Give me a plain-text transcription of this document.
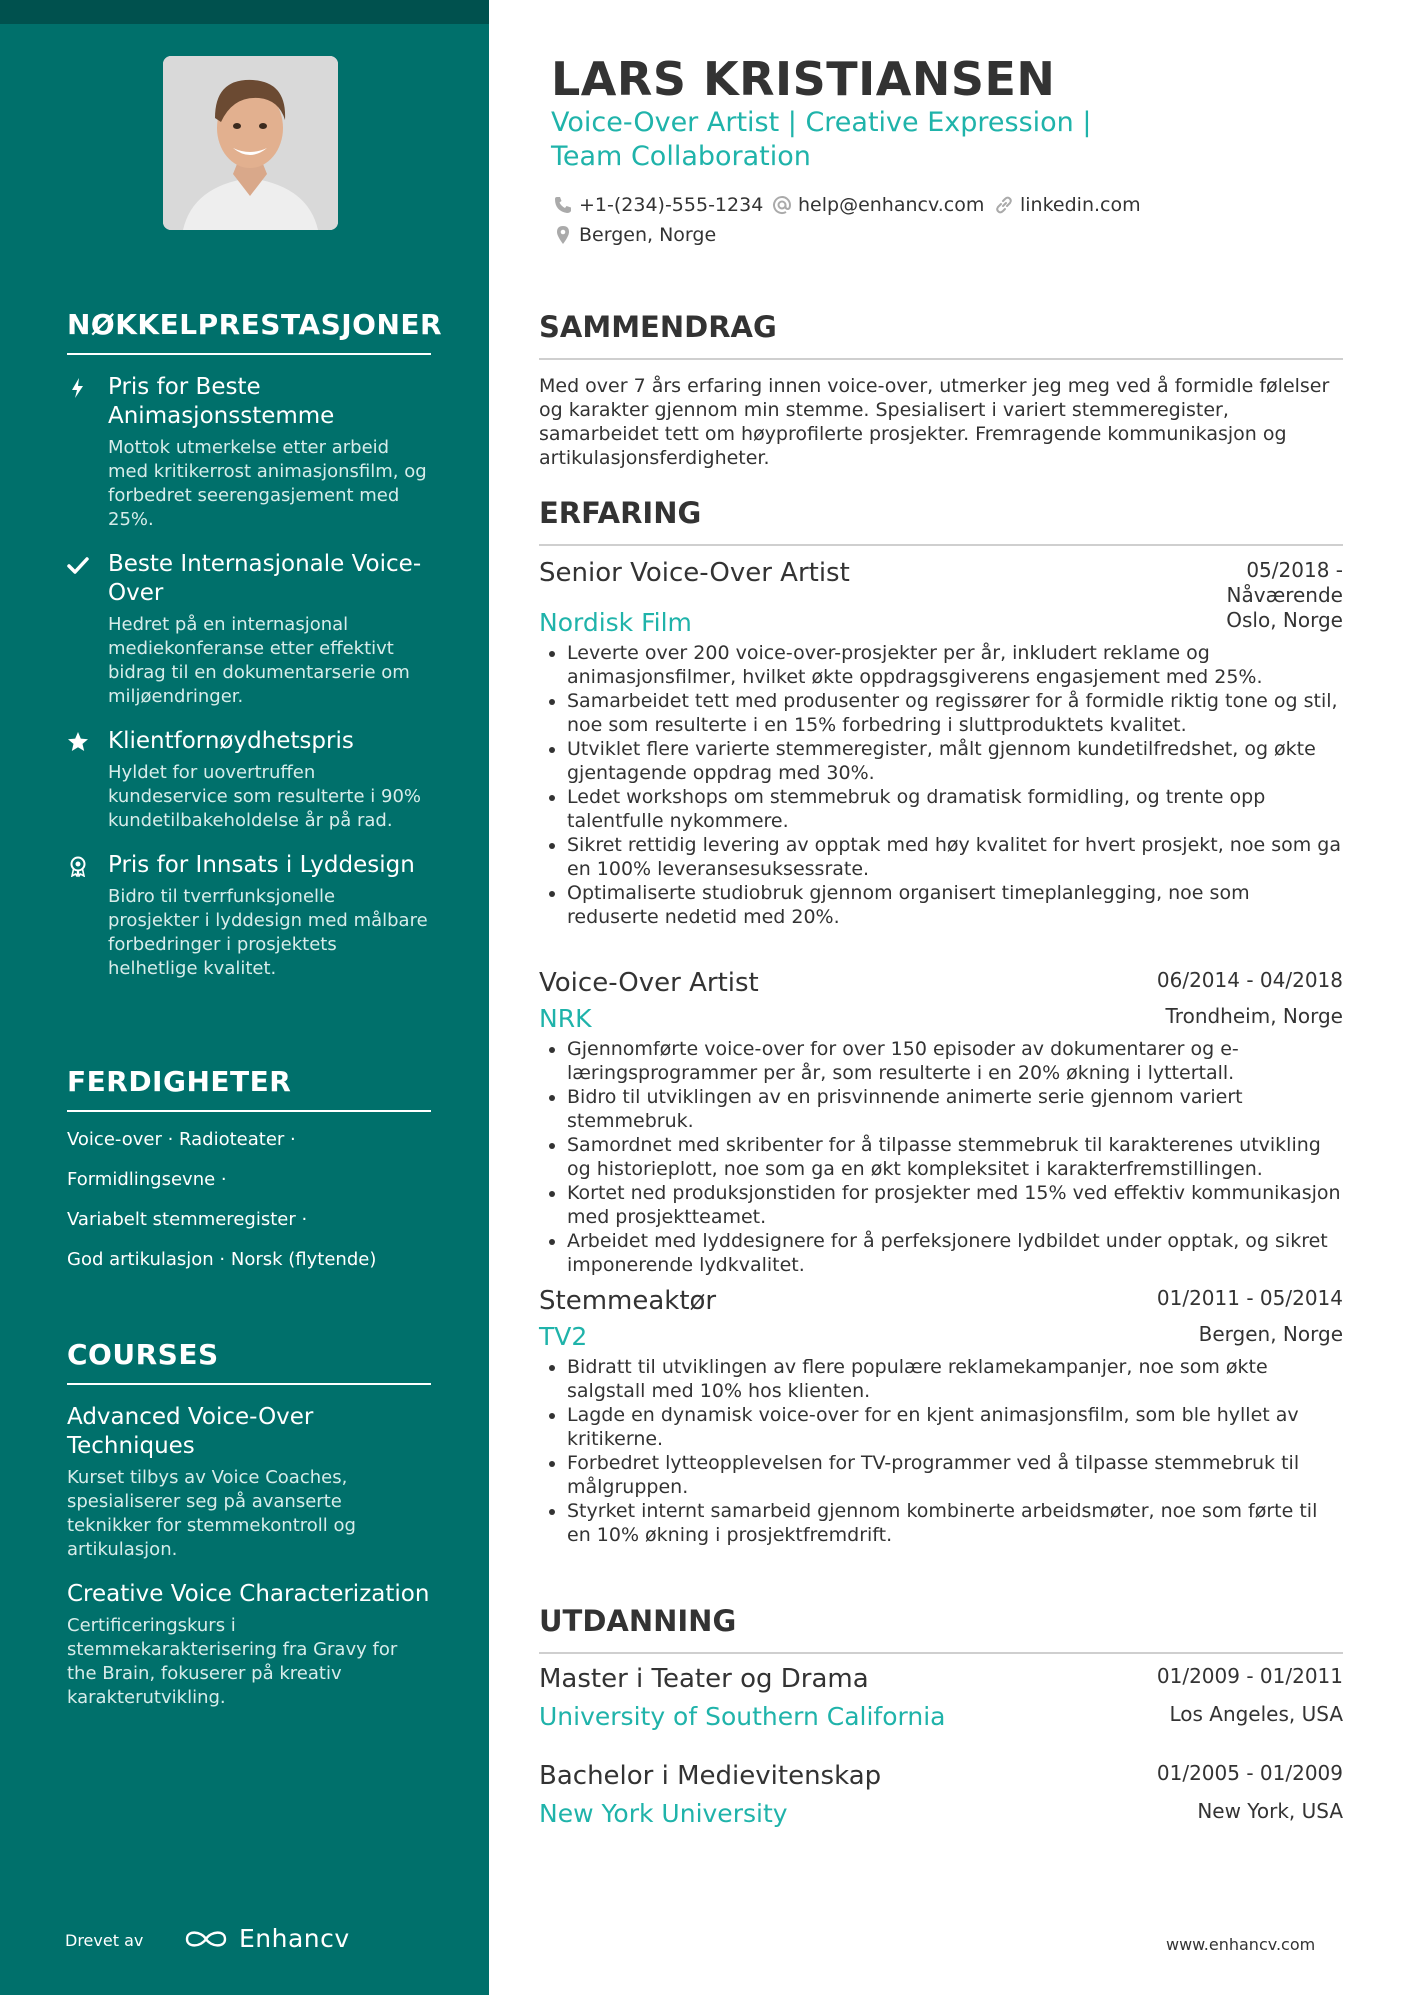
NØKKELPRESTASJONER
Pris for Beste Animasjonsstemme
Mottok utmerkelse etter arbeid med kritikerrost animasjonsfilm, og forbedret seerengasjement med 25%.
Beste Internasjonale Voice-Over
Hedret på en internasjonal mediekonferanse etter effektivt bidrag til en dokumentarserie om miljøendringer.
Klientfornøydhetspris
Hyldet for uovertruffen kundeservice som resulterte i 90% kundetilbakeholdelse år på rad.
Pris for Innsats i Lyddesign
Bidro til tverrfunksjonelle prosjekter i lyddesign med målbare forbedringer i prosjektets helhetlige kvalitet.
FERDIGHETER
Voice-over · Radioteater ·
Formidlingsevne ·
Variabelt stemmeregister ·
God artikulasjon · Norsk (flytende)
COURSES
Advanced Voice-Over Techniques
Kurset tilbys av Voice Coaches, spesialiserer seg på avanserte teknikker for stemmekontroll og artikulasjon.
Creative Voice Characterization
Certificeringskurs i stemmekarakterisering fra Gravy for the Brain, fokuserer på kreativ karakterutvikling.
Drevet av	Enhancv
LARS KRISTIANSEN
Voice-Over Artist | Creative Expression | Team Collaboration
+1-(234)-555-1234 help@enhancv.com linkedin.com
Bergen, Norge
SAMMENDRAG
Med over 7 års erfaring innen voice-over, utmerker jeg meg ved å formidle følelser og karakter gjennom min stemme. Spesialisert i variert stemmeregister, samarbeidet tett om høyprofilerte prosjekter. Fremragende kommunikasjon og artikulasjonsferdigheter.
ERFARING
Senior Voice-Over Artist	05/2018 -
Nåværende
Nordisk Film	Oslo, Norge
• Leverte over 200 voice-over-prosjekter per år, inkludert reklame og animasjonsfilmer, hvilket økte oppdragsgiverens engasjement med 25%.
• Samarbeidet tett med produsenter og regissører for å formidle riktig tone og stil, noe som resulterte i en 15% forbedring i sluttproduktets kvalitet.
• Utviklet flere varierte stemmeregister, målt gjennom kundetilfredshet, og økte gjentagende oppdrag med 30%.
• Ledet workshops om stemmebruk og dramatisk formidling, og trente opp talentfulle nykommere.
• Sikret rettidig levering av opptak med høy kvalitet for hvert prosjekt, noe som ga en 100% leveransesuksessrate.
• Optimaliserte studiobruk gjennom organisert timeplanlegging, noe som reduserte nedetid med 20%.
Voice-Over Artist	06/2014 - 04/2018
NRK	Trondheim, Norge
• Gjennomførte voice-over for over 150 episoder av dokumentarer og e-læringsprogrammer per år, som resulterte i en 20% økning i lyttertall.
• Bidro til utviklingen av en prisvinnende animerte serie gjennom variert stemmebruk.
• Samordnet med skribenter for å tilpasse stemmebruk til karakterenes utvikling og historieplott, noe som ga en økt kompleksitet i karakterfremstillingen.
• Kortet ned produksjonstiden for prosjekter med 15% ved effektiv kommunikasjon med prosjektteamet.
• Arbeidet med lyddesignere for å perfeksjonere lydbildet under opptak, og sikret imponerende lydkvalitet.
Stemmeaktør	01/2011 - 05/2014
TV2	Bergen, Norge
• Bidratt til utviklingen av flere populære reklamekampanjer, noe som økte salgstall med 10% hos klienten.
• Lagde en dynamisk voice-over for en kjent animasjonsfilm, som ble hyllet av kritikerne.
• Forbedret lytteopplevelsen for TV-programmer ved å tilpasse stemmebruk til målgruppen.
• Styrket internt samarbeid gjennom kombinerte arbeidsmøter, noe som førte til en 10% økning i prosjektfremdrift.
UTDANNING
Master i Teater og Drama	01/2009 - 01/2011
University of Southern California	Los Angeles, USA
Bachelor i Medievitenskap	01/2005 - 01/2009
New York University	New York, USA
www.enhancv.com
